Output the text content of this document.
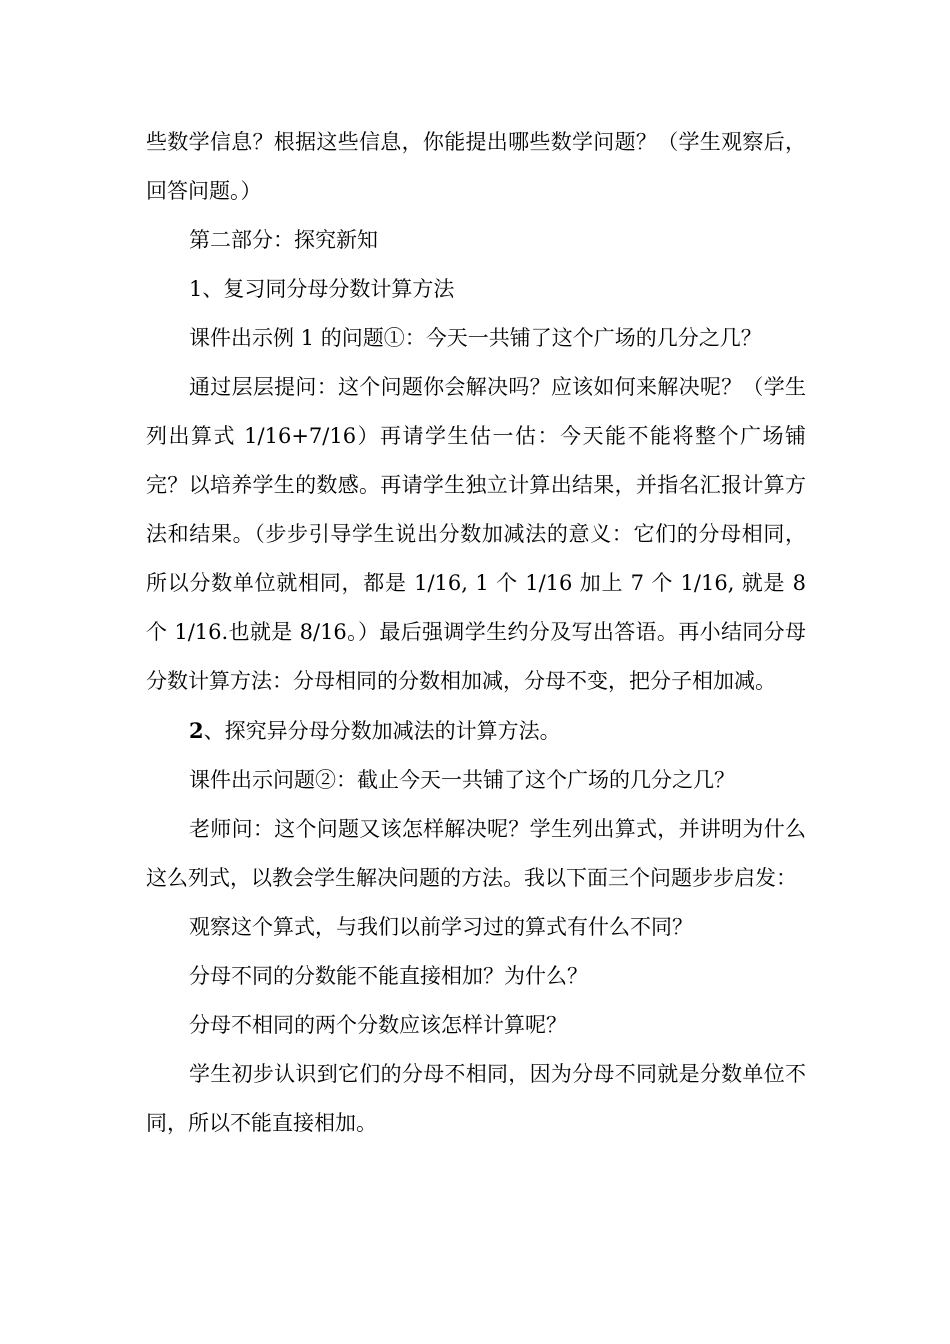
些数学信息？根据这些信息，你能提出哪些数学问题？（学生观察后，回答问题。）

第二部分：探究新知

1、复习同分母分数计算方法

课件出示例 1 的问题①：今天一共铺了这个广场的几分之几？

通过层层提问：这个问题你会解决吗？应该如何来解决呢？（学生列出算式 1/16+7/16）再请学生估一估：今天能不能将整个广场铺完？以培养学生的数感。再请学生独立计算出结果，并指名汇报计算方法和结果。（步步引导学生说出分数加减法的意义：它们的分母相同，所以分数单位就相同，都是 1/16, 1 个 1/16 加上 7 个 1/16, 就是 8 个 1/16.也就是 8/16。）最后强调学生约分及写出答语。再小结同分母分数计算方法：分母相同的分数相加减，分母不变，把分子相加减。

2、探究异分母分数加减法的计算方法。

课件出示问题②：截止今天一共铺了这个广场的几分之几？

老师问：这个问题又该怎样解决呢？学生列出算式，并讲明为什么这么列式，以教会学生解决问题的方法。我以下面三个问题步步启发：

观察这个算式，与我们以前学习过的算式有什么不同？

分母不同的分数能不能直接相加？为什么？

分母不相同的两个分数应该怎样计算呢？

学生初步认识到它们的分母不相同，因为分母不同就是分数单位不同，所以不能直接相加。
